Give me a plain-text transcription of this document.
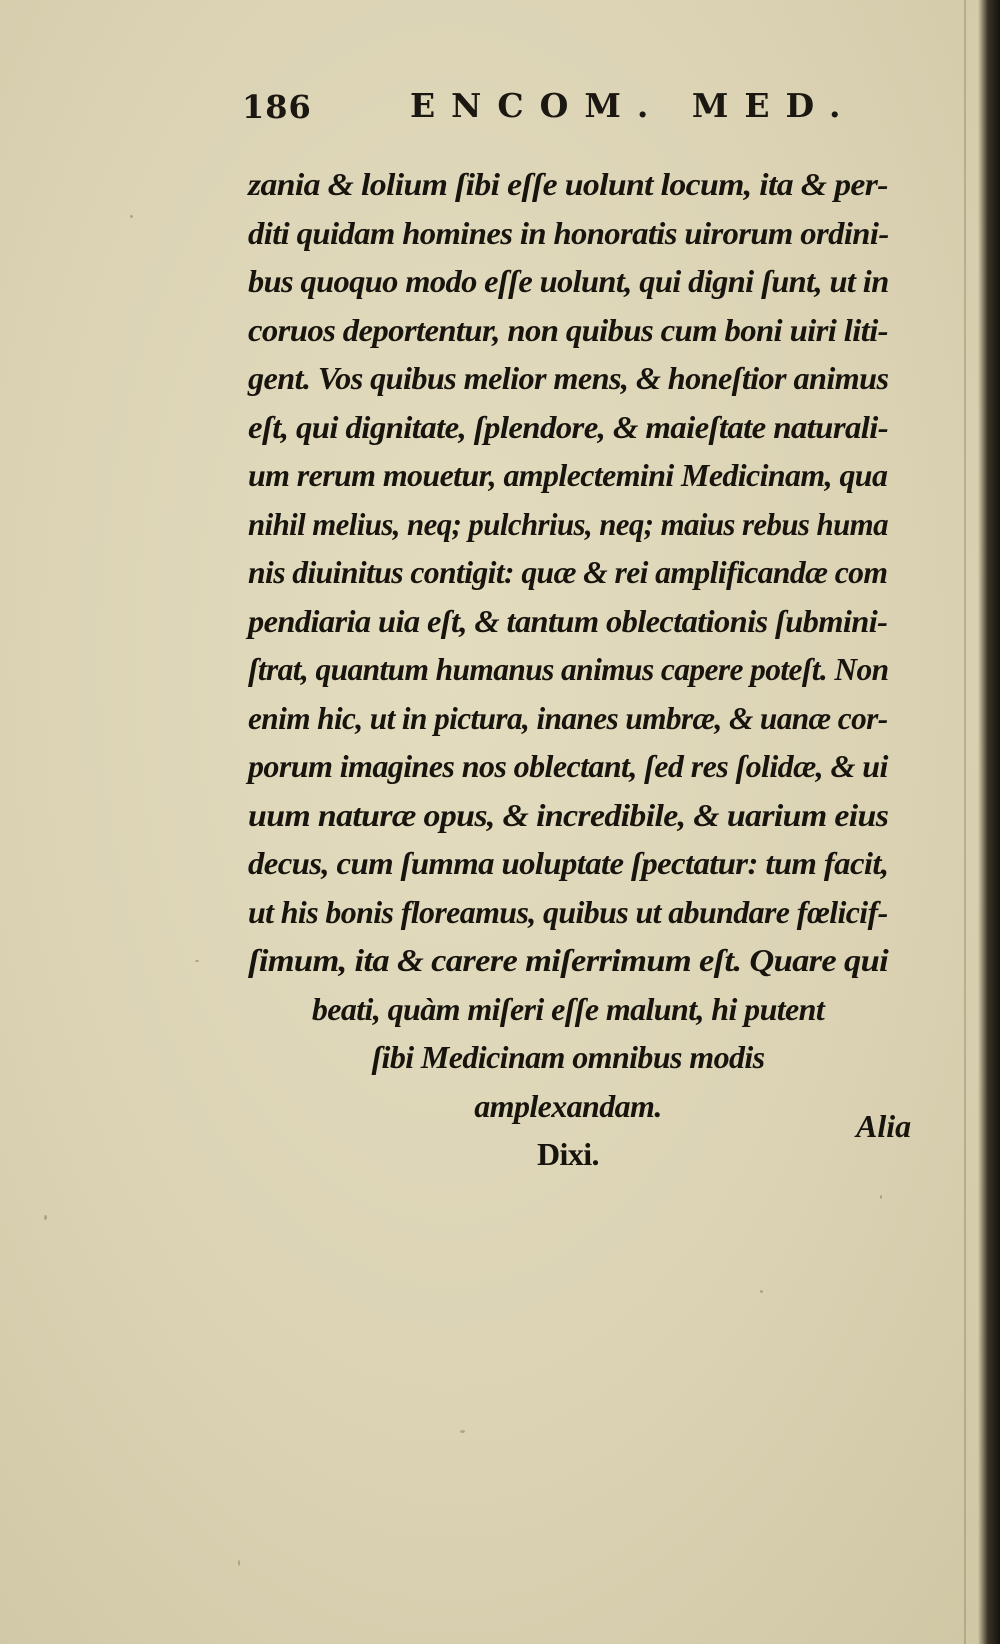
186	ENCOM. MED.
zania & lolium ſibi eſſe uolunt locum, ita & per-
diti quidam homines in honoratis uirorum ordini-
bus quoquo modo eſſe uolunt, qui digni ſunt, ut in
coruos deportentur, non quibus cum boni uiri liti-
gent. Vos quibus melior mens, & honeſtior animus
eſt, qui dignitate, ſplendore, & maieſtate naturali-
um rerum mouetur, amplectemini Medicinam, qua
nihil melius, neq; pulchrius, neq; maius rebus huma
nis diuinitus contigit: quæ & rei amplificandæ com
pendiaria uia eſt, & tantum oblectationis ſubmini-
ſtrat, quantum humanus animus capere poteſt. Non
enim hic, ut in pictura, inanes umbræ, & uanæ cor-
porum imagines nos oblectant, ſed res ſolidæ, & ui
uum naturæ opus, & incredibile, & uarium eius
decus, cum ſumma uoluptate ſpectatur: tum facit,
ut his bonis floreamus, quibus ut abundare fœlicif-
ſimum, ita & carere miſerrimum eſt. Quare qui
beati, quàm miſeri eſſe malunt, hi putent
ſibi Medicinam omnibus modis
amplexandam.
Dixi.
Alia
